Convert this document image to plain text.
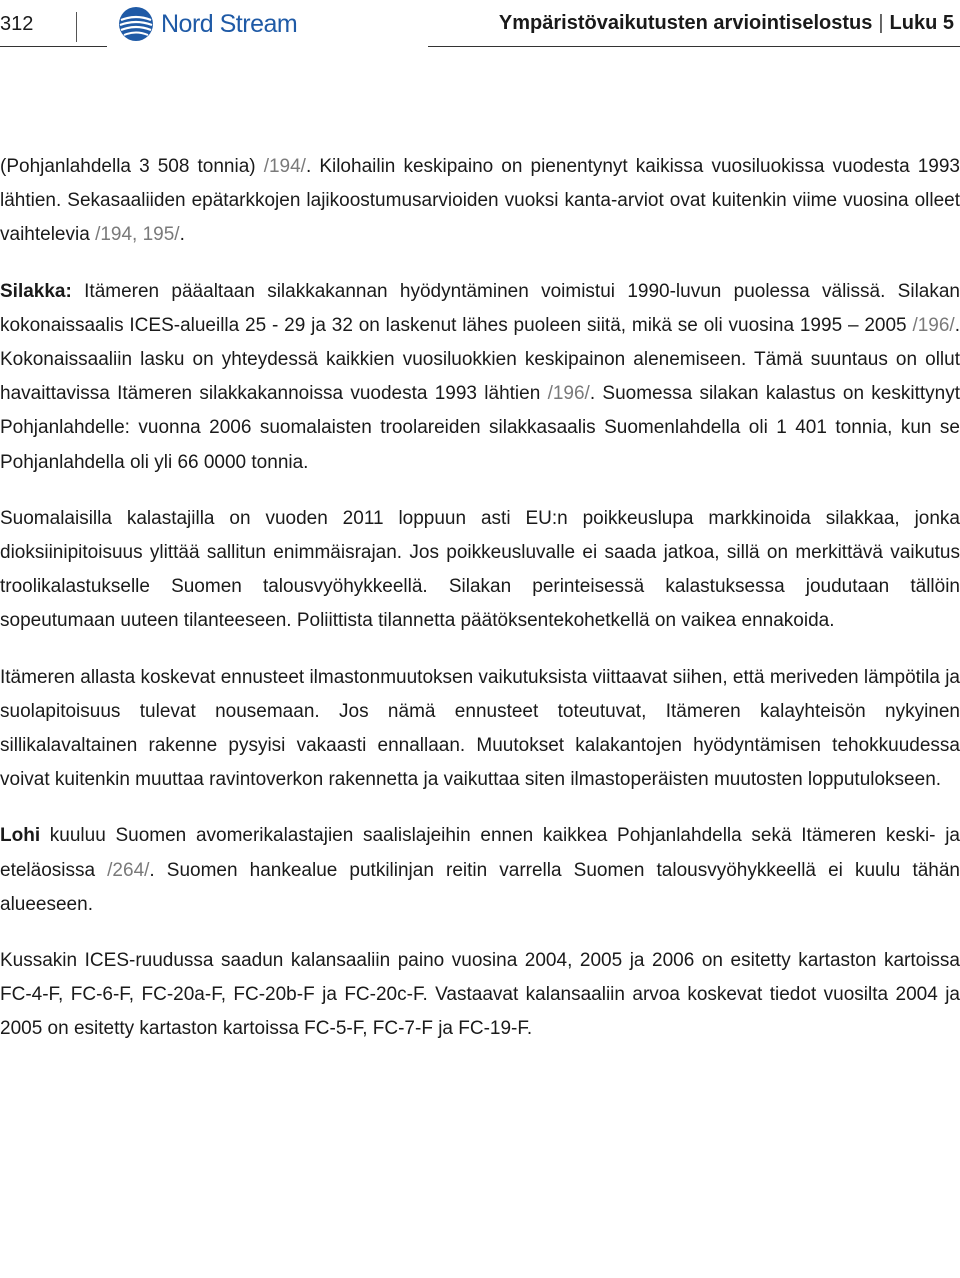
312	Nord Stream	Ympäristövaikutusten arviointiselostus | Luku 5

(Pohjanlahdella 3 508 tonnia) /194/. Kilohailin keskipaino on pienentynyt kaikissa vuosiluokissa vuodesta 1993 lähtien. Sekasaaliiden epätarkkojen lajikoostumusarvioiden vuoksi kanta-arviot ovat kuitenkin viime vuosina olleet vaihtelevia /194, 195/.

Silakka: Itämeren pääaltaan silakkakannan hyödyntäminen voimistui 1990-luvun puolessa välissä. Silakan kokonaissaalis ICES-alueilla 25 - 29 ja 32 on laskenut lähes puoleen siitä, mikä se oli vuosina 1995 – 2005 /196/. Kokonaissaaliin lasku on yhteydessä kaikkien vuosiluokkien keskipainon alenemiseen. Tämä suuntaus on ollut havaittavissa Itämeren silakkakannoissa vuodesta 1993 lähtien /196/. Suomessa silakan kalastus on keskittynyt Pohjanlahdelle: vuonna 2006 suomalaisten troolareiden silakkasaalis Suomenlahdella oli 1 401 tonnia, kun se Pohjanlahdella oli yli 66 0000 tonnia.

Suomalaisilla kalastajilla on vuoden 2011 loppuun asti EU:n poikkeuslupa markkinoida silakkaa, jonka dioksiinipitoisuus ylittää sallitun enimmäisrajan. Jos poikkeusluvalle ei saada jatkoa, sillä on merkittävä vaikutus troolikalastukselle Suomen talousvyöhykkeellä. Silakan perinteisessä kalastuksessa joudutaan tällöin sopeutumaan uuteen tilanteeseen. Poliittista tilannetta päätöksentekohetkellä on vaikea ennakoida.

Itämeren allasta koskevat ennusteet ilmastonmuutoksen vaikutuksista viittaavat siihen, että meriveden lämpötila ja suolapitoisuus tulevat nousemaan. Jos nämä ennusteet toteutuvat, Itämeren kalayhteisön nykyinen sillikalavaltainen rakenne pysyisi vakaasti ennallaan. Muutokset kalakantojen hyödyntämisen tehokkuudessa voivat kuitenkin muuttaa ravintoverkon rakennetta ja vaikuttaa siten ilmastoperäisten muutosten lopputulokseen.

Lohi kuuluu Suomen avomerikalastajien saalislajeihin ennen kaikkea Pohjanlahdella sekä Itämeren keski- ja eteläosissa /264/. Suomen hankealue putkilinjan reitin varrella Suomen talousvyöhykkeellä ei kuulu tähän alueeseen.

Kussakin ICES-ruudussa saadun kalansaaliin paino vuosina 2004, 2005 ja 2006 on esitetty kartaston kartoissa FC-4-F, FC-6-F, FC-20a-F, FC-20b-F ja FC-20c-F. Vastaavat kalansaaliin arvoa koskevat tiedot vuosilta 2004 ja 2005 on esitetty kartaston kartoissa FC-5-F, FC-7-F ja FC-19-F.
